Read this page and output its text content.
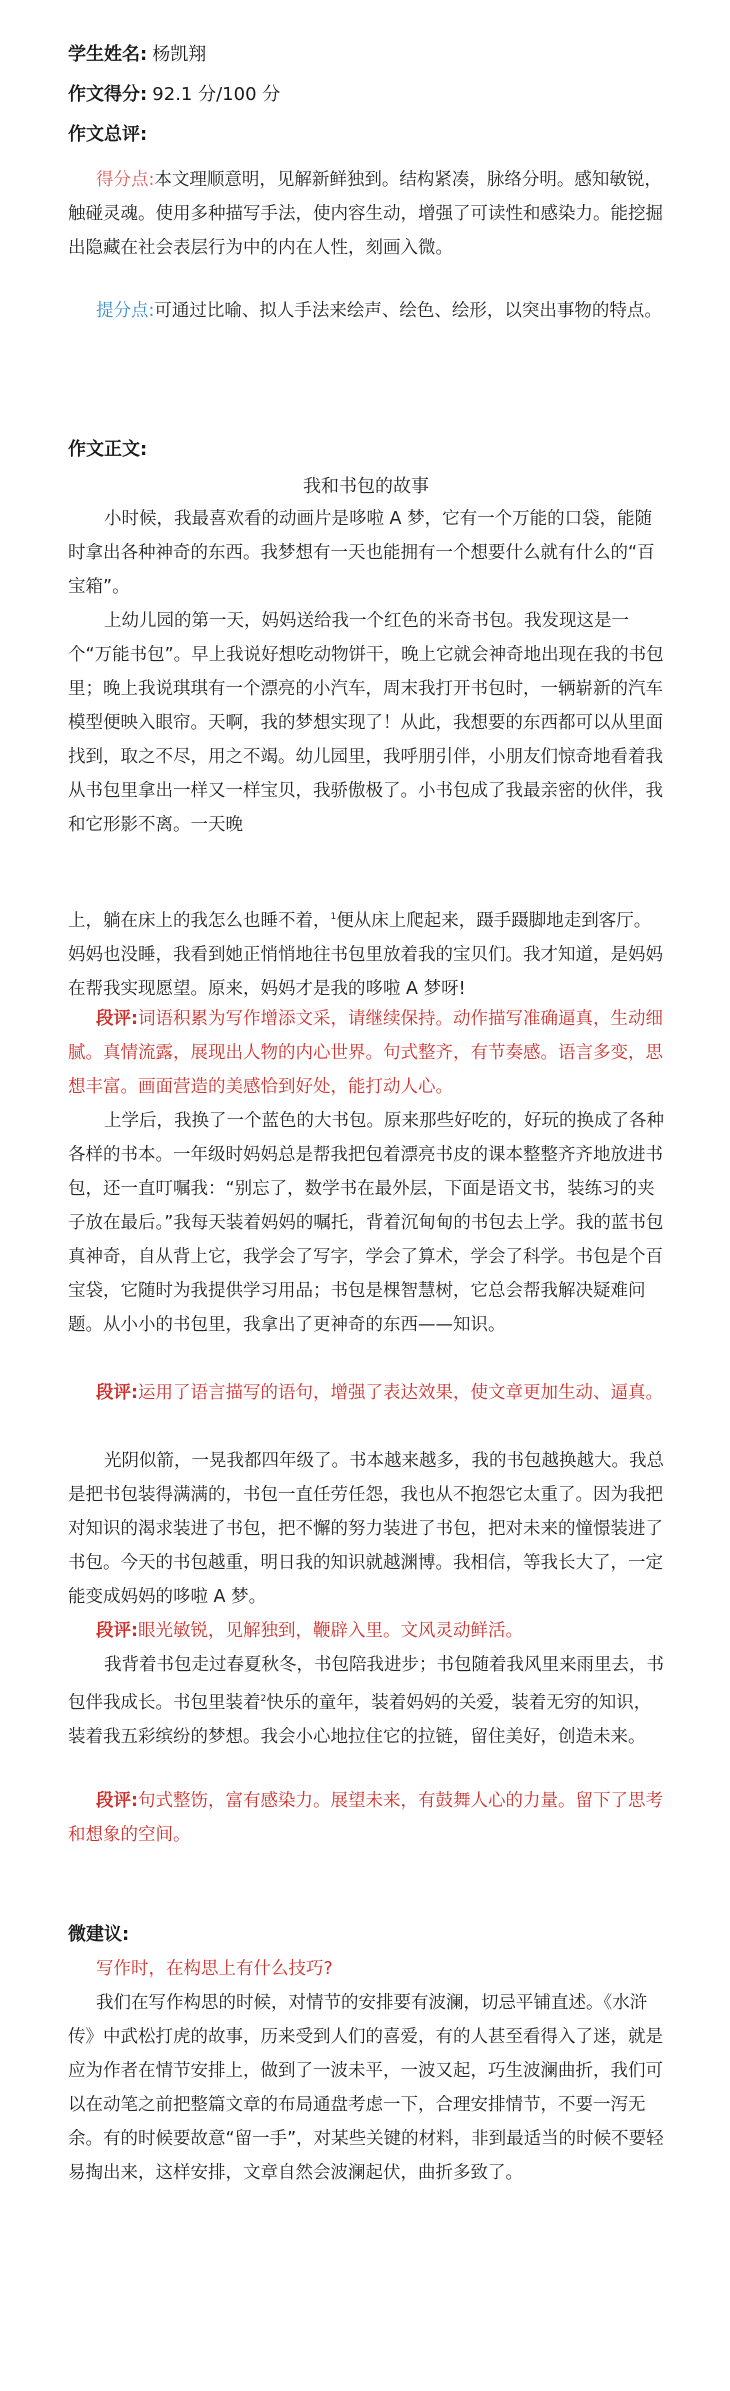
学生姓名: 杨凯翔
作文得分: 92.1 分/100 分
作文总评:
得分点:本文理顺意明，见解新鲜独到。结构紧凑，脉络分明。感知敏锐，触碰灵魂。使用多种描写手法，使内容生动，增强了可读性和感染力。能挖掘出隐藏在社会表层行为中的内在人性，刻画入微。
提分点:可通过比喻、拟人手法来绘声、绘色、绘形，以突出事物的特点。
作文正文:
我和书包的故事
小时候，我最喜欢看的动画片是哆啦 A 梦，它有一个万能的口袋，能随时拿出各种神奇的东西。我梦想有一天也能拥有一个想要什么就有什么的“百宝箱”。
上幼儿园的第一天，妈妈送给我一个红色的米奇书包。我发现这是一个“万能书包”。早上我说好想吃动物饼干，晚上它就会神奇地出现在我的书包里；晚上我说琪琪有一个漂亮的小汽车，周末我打开书包时，一辆崭新的汽车模型便映入眼帘。天啊，我的梦想实现了！从此，我想要的东西都可以从里面找到，取之不尽，用之不竭。幼儿园里，我呼朋引伴，小朋友们惊奇地看着我从书包里拿出一样又一样宝贝，我骄傲极了。小书包成了我最亲密的伙伴，我和它形影不离。一天晚
上，躺在床上的我怎么也睡不着，$^1$便从床上爬起来，蹑手蹑脚地走到客厅。妈妈也没睡，我看到她正悄悄地往书包里放着我的宝贝们。我才知道，是妈妈在帮我实现愿望。原来，妈妈才是我的哆啦 A 梦呀!
段评:词语积累为写作增添文采，请继续保持。动作描写准确逼真，生动细腻。真情流露，展现出人物的内心世界。句式整齐，有节奏感。语言多变，思想丰富。画面营造的美感恰到好处，能打动人心。
上学后，我换了一个蓝色的大书包。原来那些好吃的，好玩的换成了各种各样的书本。一年级时妈妈总是帮我把包着漂亮书皮的课本整整齐齐地放进书包，还一直叮嘱我：“别忘了，数学书在最外层，下面是语文书，装练习的夹子放在最后。”我每天装着妈妈的嘱托，背着沉甸甸的书包去上学。我的蓝书包真神奇，自从背上它，我学会了写字，学会了算术，学会了科学。书包是个百宝袋，它随时为我提供学习用品；书包是棵智慧树，它总会帮我解决疑难问题。从小小的书包里，我拿出了更神奇的东西——知识。
段评:运用了语言描写的语句，增强了表达效果，使文章更加生动、逼真。
光阴似箭，一晃我都四年级了。书本越来越多，我的书包越换越大。我总是把书包装得满满的，书包一直任劳任怨，我也从不抱怨它太重了。因为我把对知识的渴求装进了书包，把不懈的努力装进了书包，把对未来的憧憬装进了书包。今天的书包越重，明日我的知识就越渊博。我相信，等我长大了，一定能变成妈妈的哆啦 A 梦。
段评:眼光敏锐，见解独到，鞭辟入里。文风灵动鲜活。
我背着书包走过春夏秋冬，书包陪我进步；书包随着我风里来雨里去，书包伴我成长。书包里装着$^2$快乐的童年，装着妈妈的关爱，装着无穷的知识，装着我五彩缤纷的梦想。我会小心地拉住它的拉链，留住美好，创造未来。
段评:句式整饬，富有感染力。展望未来，有鼓舞人心的力量。留下了思考和想象的空间。
微建议:
写作时，在构思上有什么技巧?
我们在写作构思的时候，对情节的安排要有波澜，切忌平铺直述。《水浒传》中武松打虎的故事，历来受到人们的喜爱，有的人甚至看得入了迷，就是应为作者在情节安排上，做到了一波未平，一波又起，巧生波澜曲折，我们可以在动笔之前把整篇文章的布局通盘考虑一下，合理安排情节，不要一泻无余。有的时候要故意“留一手”，对某些关键的材料，非到最适当的时候不要轻易掏出来，这样安排，文章自然会波澜起伏，曲折多致了。
